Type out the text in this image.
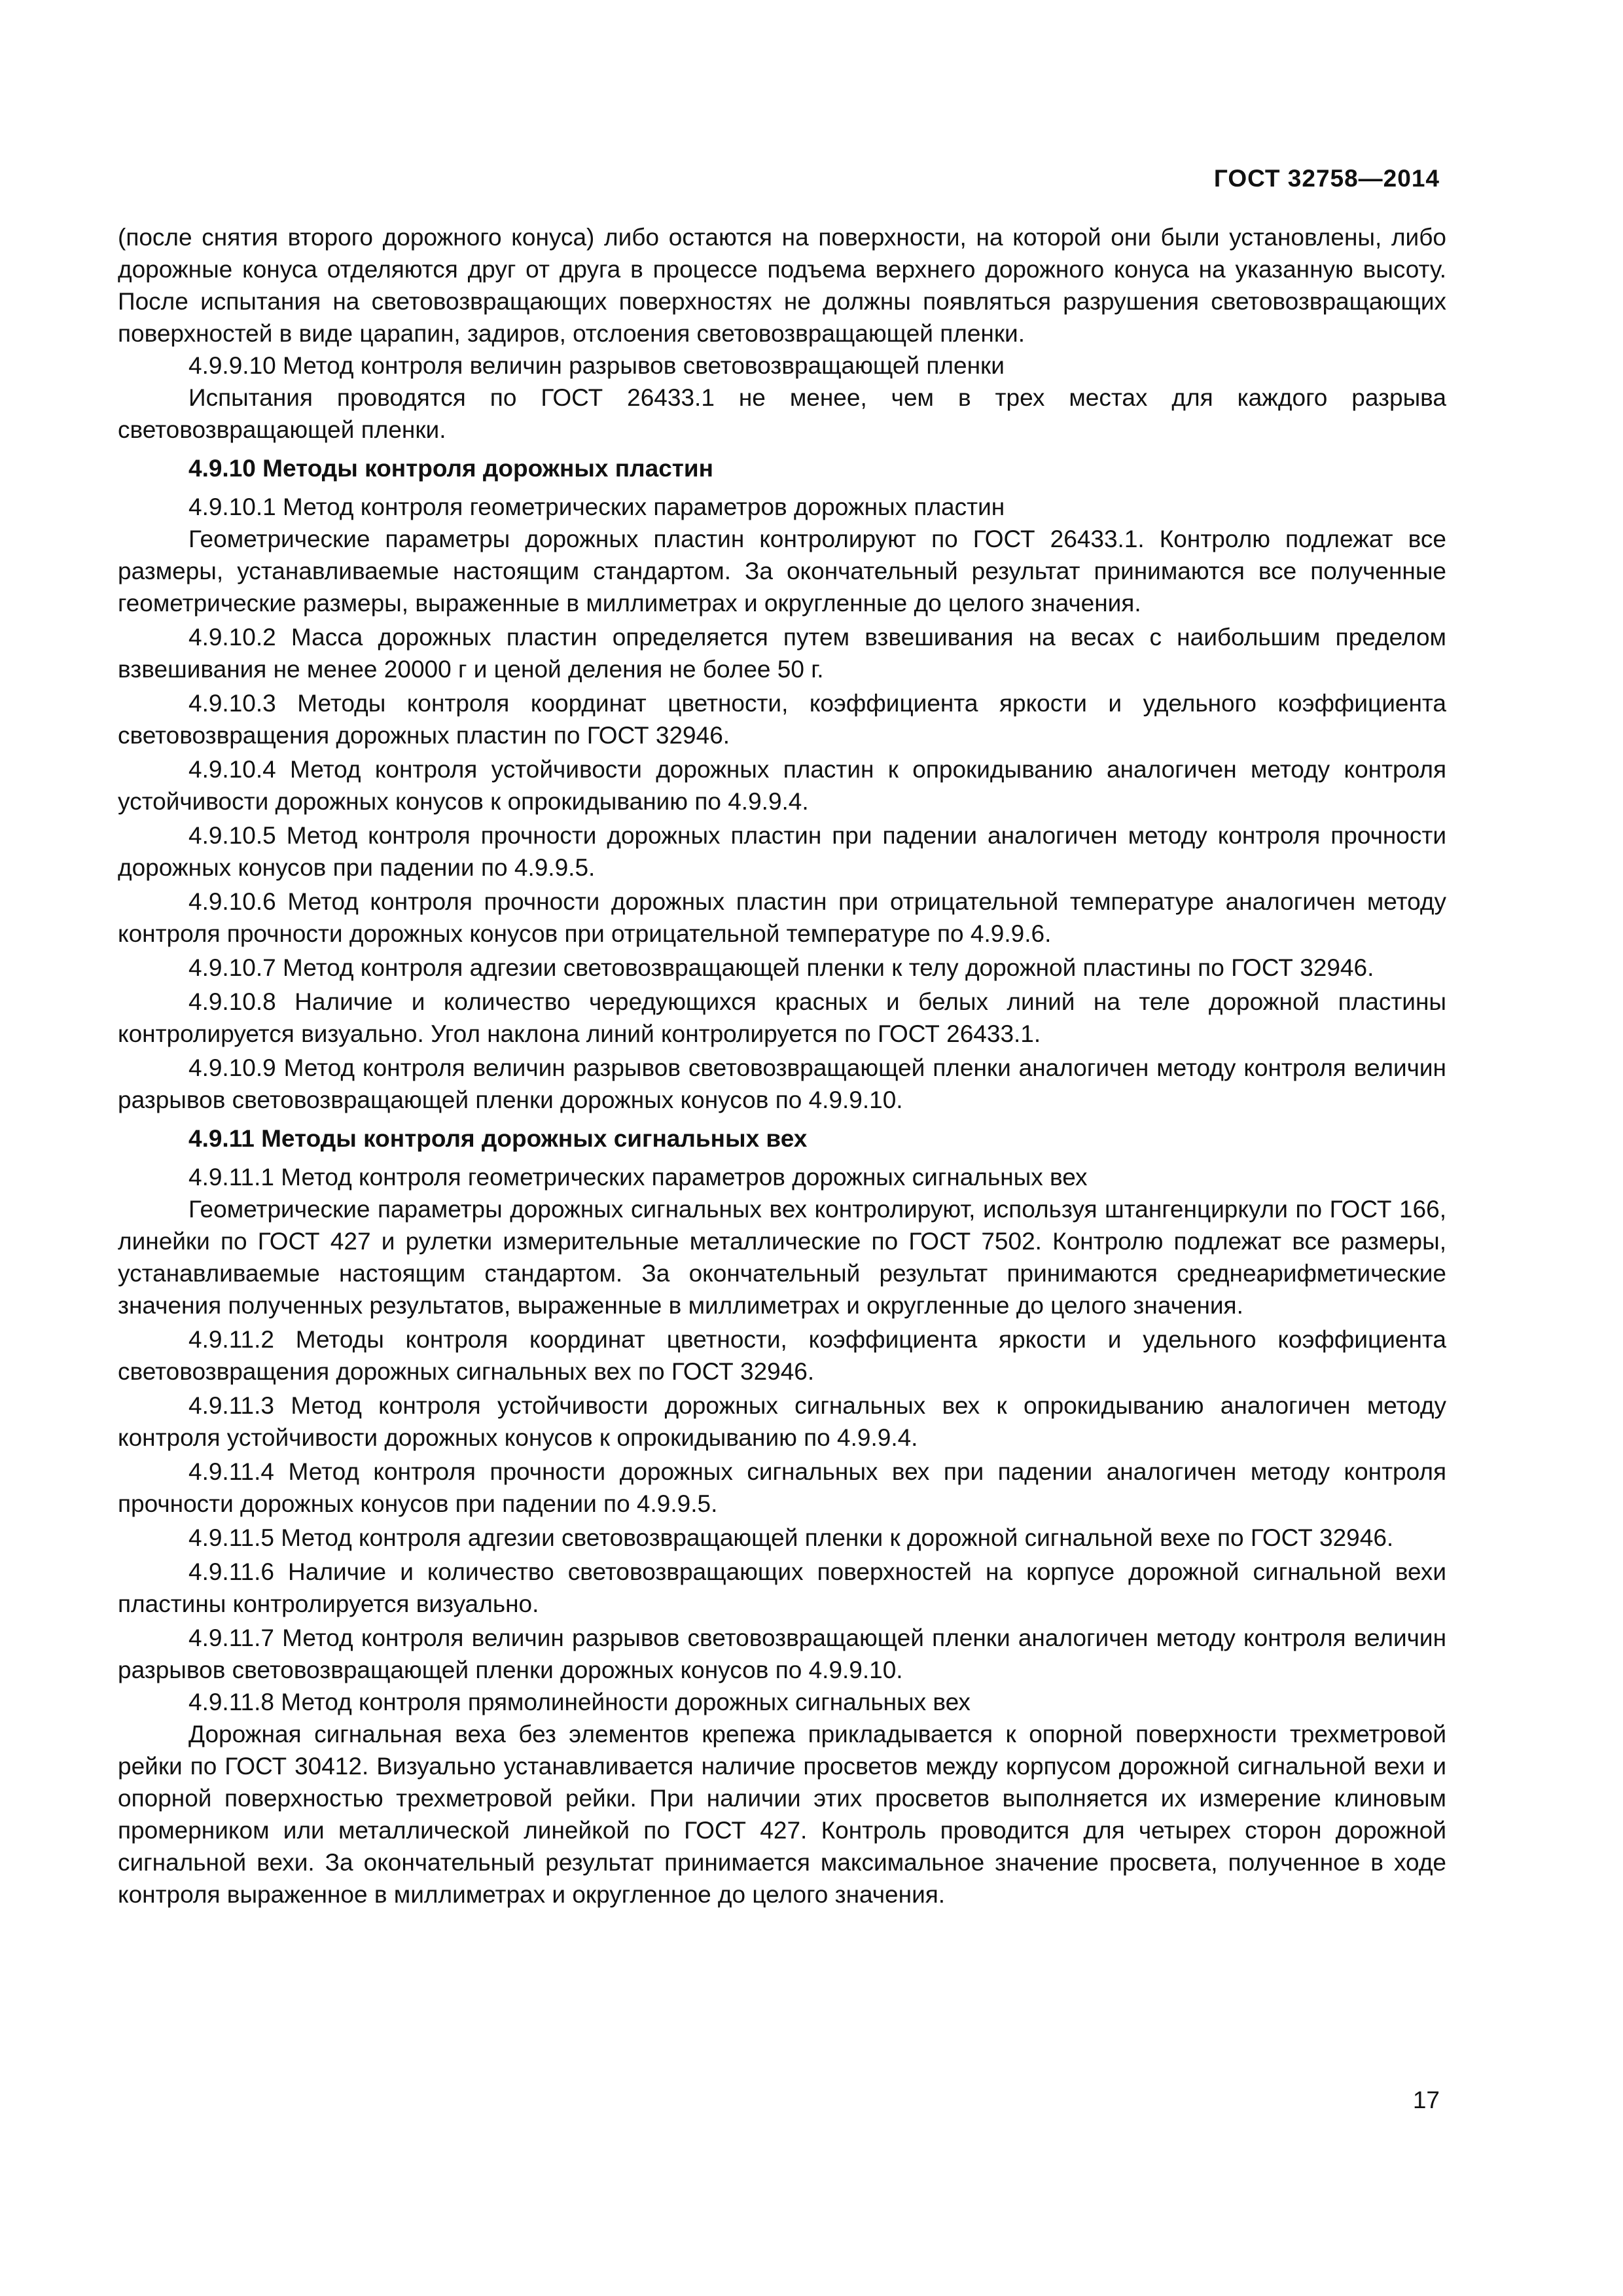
ГОСТ 32758—2014

(после снятия второго дорожного конуса) либо остаются на поверхности, на которой они были установлены, либо дорожные конуса отделяются друг от друга в процессе подъема верхнего дорожного конуса на указанную высоту. После испытания на световозвращающих поверхностях не должны появляться разрушения световозвращающих поверхностей в виде царапин, задиров, отслоения световозвращающей пленки.

4.9.9.10 Метод контроля величин разрывов световозвращающей пленки

Испытания проводятся по ГОСТ 26433.1 не менее, чем в трех местах для каждого разрыва световозвращающей пленки.

4.9.10 Методы контроля дорожных пластин

4.9.10.1 Метод контроля геометрических параметров дорожных пластин

Геометрические параметры дорожных пластин контролируют по ГОСТ 26433.1. Контролю подлежат все размеры, устанавливаемые настоящим стандартом. За окончательный результат принимаются все полученные геометрические размеры, выраженные в миллиметрах и округленные до целого значения.

4.9.10.2 Масса дорожных пластин определяется путем взвешивания на весах с наибольшим пределом взвешивания не менее 20000 г и ценой деления не более 50 г.

4.9.10.3 Методы контроля координат цветности, коэффициента яркости и удельного коэффициента световозвращения дорожных пластин по ГОСТ 32946.

4.9.10.4 Метод контроля устойчивости дорожных пластин к опрокидыванию аналогичен методу контроля устойчивости дорожных конусов к опрокидыванию по 4.9.9.4.

4.9.10.5 Метод контроля прочности дорожных пластин при падении аналогичен методу контроля прочности дорожных конусов при падении по 4.9.9.5.

4.9.10.6 Метод контроля прочности дорожных пластин при отрицательной температуре аналогичен методу контроля прочности дорожных конусов при отрицательной температуре по 4.9.9.6.

4.9.10.7 Метод контроля адгезии световозвращающей пленки к телу дорожной пластины по ГОСТ 32946.

4.9.10.8 Наличие и количество чередующихся красных и белых линий на теле дорожной пластины контролируется визуально. Угол наклона линий контролируется по ГОСТ 26433.1.

4.9.10.9 Метод контроля величин разрывов световозвращающей пленки аналогичен методу контроля величин разрывов световозвращающей пленки дорожных конусов по 4.9.9.10.

4.9.11 Методы контроля дорожных сигнальных вех

4.9.11.1 Метод контроля геометрических параметров дорожных сигнальных вех

Геометрические параметры дорожных сигнальных вех контролируют, используя штангенциркули по ГОСТ 166, линейки по ГОСТ 427 и рулетки измерительные металлические по ГОСТ 7502. Контролю подлежат все размеры, устанавливаемые настоящим стандартом. За окончательный результат принимаются среднеарифметические значения полученных результатов, выраженные в миллиметрах и округленные до целого значения.

4.9.11.2 Методы контроля координат цветности, коэффициента яркости и удельного коэффициента световозвращения дорожных сигнальных вех по ГОСТ 32946.

4.9.11.3 Метод контроля устойчивости дорожных сигнальных вех к опрокидыванию аналогичен методу контроля устойчивости дорожных конусов к опрокидыванию по 4.9.9.4.

4.9.11.4 Метод контроля прочности дорожных сигнальных вех при падении аналогичен методу контроля прочности дорожных конусов при падении по 4.9.9.5.

4.9.11.5 Метод контроля адгезии световозвращающей пленки к дорожной сигнальной вехе по ГОСТ 32946.

4.9.11.6 Наличие и количество световозвращающих поверхностей на корпусе дорожной сигнальной вехи пластины контролируется визуально.

4.9.11.7 Метод контроля величин разрывов световозвращающей пленки аналогичен методу контроля величин разрывов световозвращающей пленки дорожных конусов по 4.9.9.10.

4.9.11.8 Метод контроля прямолинейности дорожных сигнальных вех

Дорожная сигнальная веха без элементов крепежа прикладывается к опорной поверхности трехметровой рейки по ГОСТ 30412. Визуально устанавливается наличие просветов между корпусом дорожной сигнальной вехи и опорной поверхностью трехметровой рейки. При наличии этих просветов выполняется их измерение клиновым промерником или металлической линейкой по ГОСТ 427. Контроль проводится для четырех сторон дорожной сигнальной вехи. За окончательный результат принимается максимальное значение просвета, полученное в ходе контроля выраженное в миллиметрах и округленное до целого значения.

17
